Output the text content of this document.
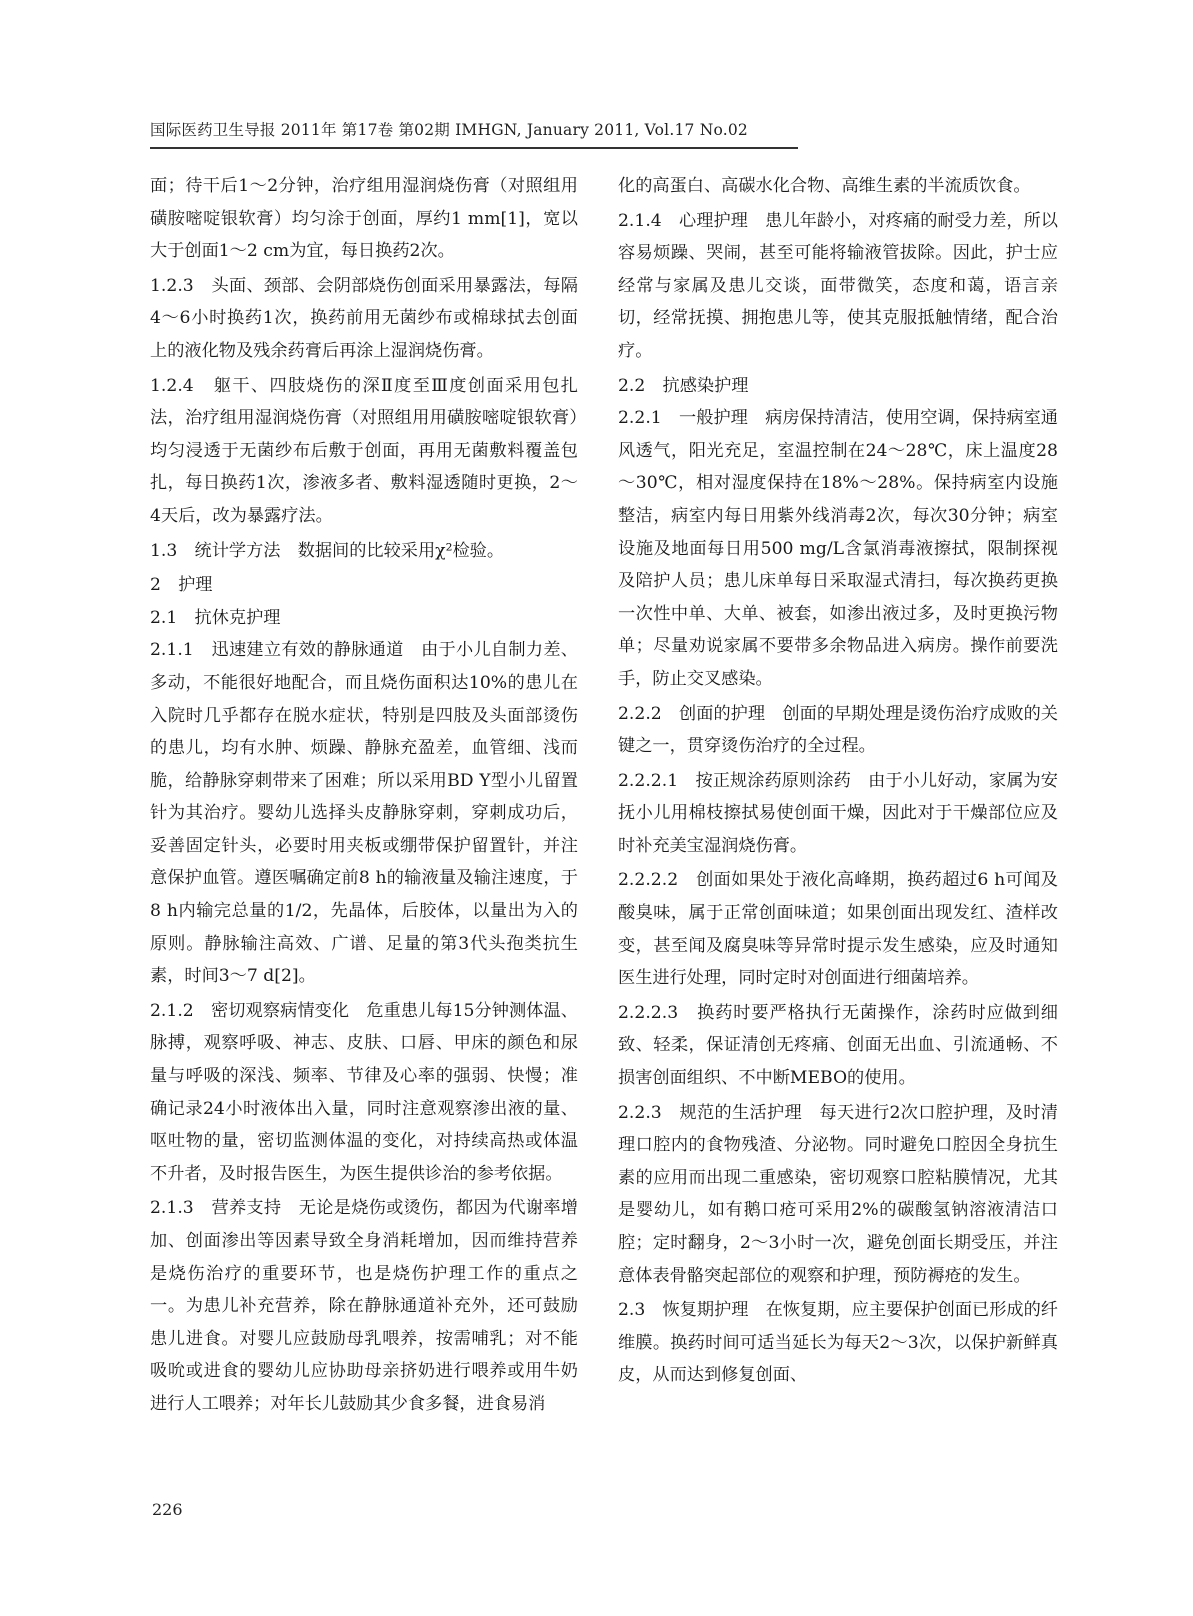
国际医药卫生导报 2011年 第17卷 第02期 IMHGN, January 2011, Vol.17 No.02
面；待干后1～2分钟，治疗组用湿润烧伤膏（对照组用磺胺嘧啶银软膏）均匀涂于创面，厚约1 mm[1]，宽以大于创面1～2 cm为宜，每日换药2次。
1.2.3　头面、颈部、会阴部烧伤创面采用暴露法，每隔4～6小时换药1次，换药前用无菌纱布或棉球拭去创面上的液化物及残余药膏后再涂上湿润烧伤膏。
1.2.4　躯干、四肢烧伤的深Ⅱ度至Ⅲ度创面采用包扎法，治疗组用湿润烧伤膏（对照组用用磺胺嘧啶银软膏）均匀浸透于无菌纱布后敷于创面，再用无菌敷料覆盖包扎，每日换药1次，渗液多者、敷料湿透随时更换，2～4天后，改为暴露疗法。
1.3　统计学方法　数据间的比较采用χ²检验。
2　护理
2.1　抗休克护理
2.1.1　迅速建立有效的静脉通道　由于小儿自制力差、多动，不能很好地配合，而且烧伤面积达10%的患儿在入院时几乎都存在脱水症状，特别是四肢及头面部烫伤的患儿，均有水肿、烦躁、静脉充盈差，血管细、浅而脆，给静脉穿刺带来了困难；所以采用BD Y型小儿留置针为其治疗。婴幼儿选择头皮静脉穿刺，穿刺成功后，妥善固定针头，必要时用夹板或绷带保护留置针，并注意保护血管。遵医嘱确定前8 h的输液量及输注速度，于8 h内输完总量的1/2，先晶体，后胶体，以量出为入的原则。静脉输注高效、广谱、足量的第3代头孢类抗生素，时间3～7 d[2]。
2.1.2　密切观察病情变化　危重患儿每15分钟测体温、脉搏，观察呼吸、神志、皮肤、口唇、甲床的颜色和尿量与呼吸的深浅、频率、节律及心率的强弱、快慢；准确记录24小时液体出入量，同时注意观察渗出液的量、呕吐物的量，密切监测体温的变化，对持续高热或体温不升者，及时报告医生，为医生提供诊治的参考依据。
2.1.3　营养支持　无论是烧伤或烫伤，都因为代谢率增加、创面渗出等因素导致全身消耗增加，因而维持营养是烧伤治疗的重要环节，也是烧伤护理工作的重点之一。为患儿补充营养，除在静脉通道补充外，还可鼓励患儿进食。对婴儿应鼓励母乳喂养，按需哺乳；对不能吸吮或进食的婴幼儿应协助母亲挤奶进行喂养或用牛奶进行人工喂养；对年长儿鼓励其少食多餐，进食易消
化的高蛋白、高碳水化合物、高维生素的半流质饮食。
2.1.4　心理护理　患儿年龄小，对疼痛的耐受力差，所以容易烦躁、哭闹，甚至可能将输液管拔除。因此，护士应经常与家属及患儿交谈，面带微笑，态度和蔼，语言亲切，经常抚摸、拥抱患儿等，使其克服抵触情绪，配合治疗。
2.2　抗感染护理
2.2.1　一般护理　病房保持清洁，使用空调，保持病室通风透气，阳光充足，室温控制在24～28℃，床上温度28～30℃，相对湿度保持在18%～28%。保持病室内设施整洁，病室内每日用紫外线消毒2次，每次30分钟；病室设施及地面每日用500 mg/L含氯消毒液擦拭，限制探视及陪护人员；患儿床单每日采取湿式清扫，每次换药更换一次性中单、大单、被套，如渗出液过多，及时更换污物单；尽量劝说家属不要带多余物品进入病房。操作前要洗手，防止交叉感染。
2.2.2　创面的护理　创面的早期处理是烫伤治疗成败的关键之一，贯穿烫伤治疗的全过程。
2.2.2.1　按正规涂药原则涂药　由于小儿好动，家属为安抚小儿用棉枝擦拭易使创面干燥，因此对于干燥部位应及时补充美宝湿润烧伤膏。
2.2.2.2　创面如果处于液化高峰期，换药超过6 h可闻及酸臭味，属于正常创面味道；如果创面出现发红、渣样改变，甚至闻及腐臭味等异常时提示发生感染，应及时通知医生进行处理，同时定时对创面进行细菌培养。
2.2.2.3　换药时要严格执行无菌操作，涂药时应做到细致、轻柔，保证清创无疼痛、创面无出血、引流通畅、不损害创面组织、不中断MEBO的使用。
2.2.3　规范的生活护理　每天进行2次口腔护理，及时清理口腔内的食物残渣、分泌物。同时避免口腔因全身抗生素的应用而出现二重感染，密切观察口腔粘膜情况，尤其是婴幼儿，如有鹅口疮可采用2%的碳酸氢钠溶液清洁口腔；定时翻身，2～3小时一次，避免创面长期受压，并注意体表骨骼突起部位的观察和护理，预防褥疮的发生。
2.3　恢复期护理　在恢复期，应主要保护创面已形成的纤维膜。换药时间可适当延长为每天2～3次，以保护新鲜真皮，从而达到修复创面、
226
